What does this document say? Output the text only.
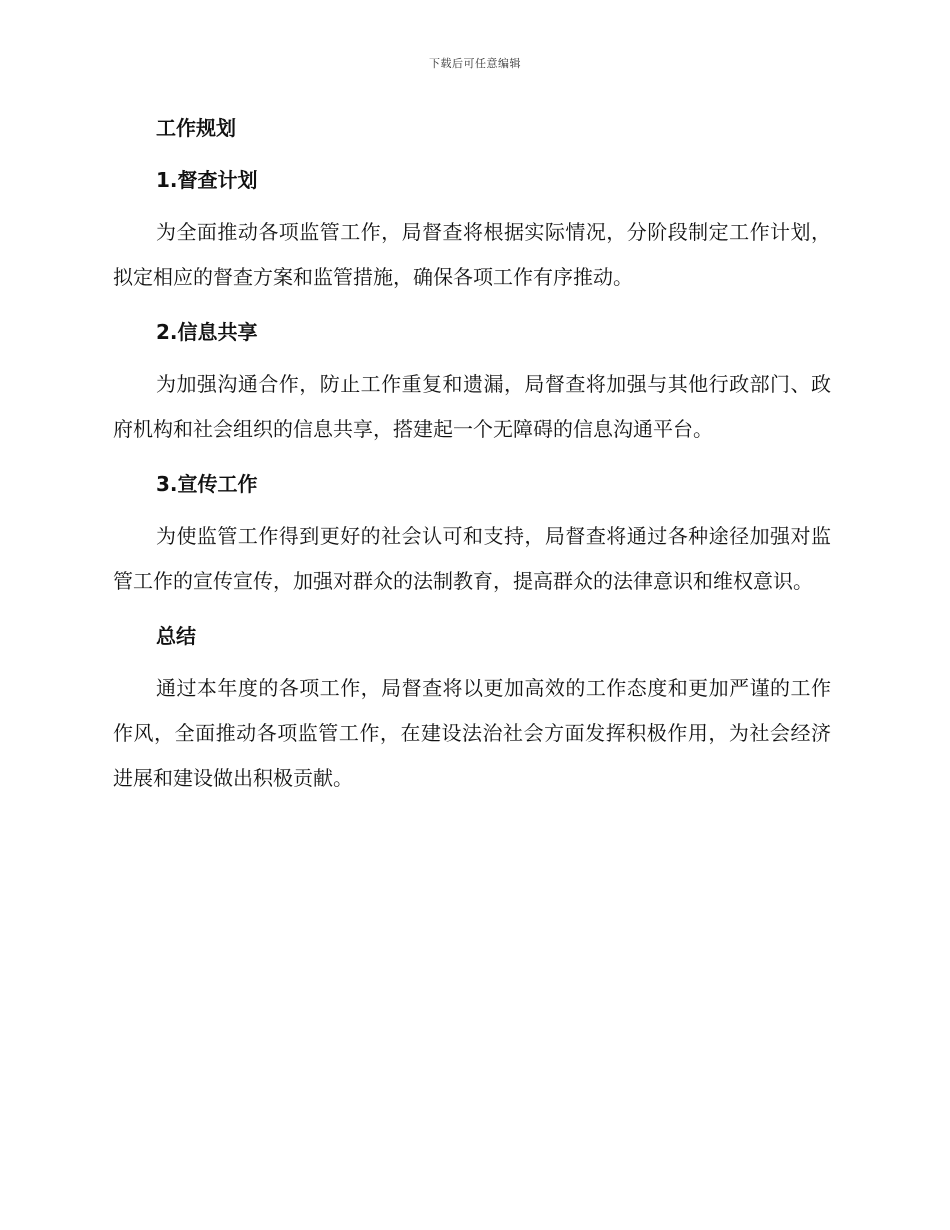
下载后可任意编辑

工作规划

1.督查计划

为全面推动各项监管工作，局督查将根据实际情况，分阶段制定工作计划，拟定相应的督查方案和监管措施，确保各项工作有序推动。

2.信息共享

为加强沟通合作，防止工作重复和遗漏，局督查将加强与其他行政部门、政府机构和社会组织的信息共享，搭建起一个无障碍的信息沟通平台。

3.宣传工作

为使监管工作得到更好的社会认可和支持，局督查将通过各种途径加强对监管工作的宣传宣传，加强对群众的法制教育，提高群众的法律意识和维权意识。

总结

通过本年度的各项工作，局督查将以更加高效的工作态度和更加严谨的工作作风，全面推动各项监管工作，在建设法治社会方面发挥积极作用，为社会经济进展和建设做出积极贡献。
